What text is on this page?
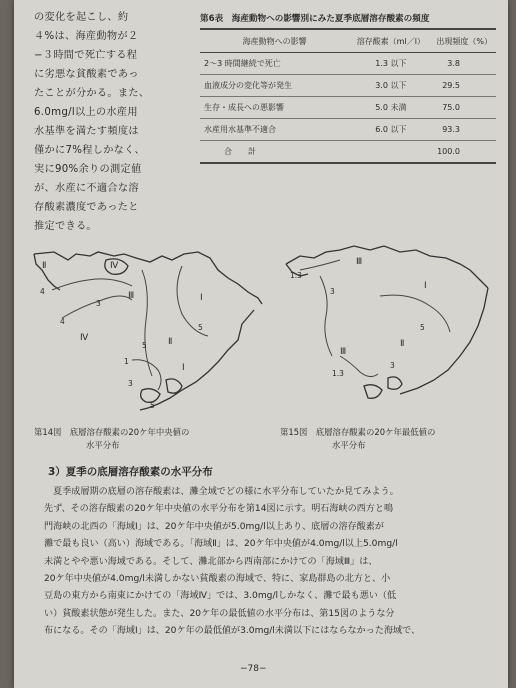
の変化を起こし、約
４%は、海産動物が２
−３時間で死亡する程
に劣悪な貧酸素であっ
たことが分かる。また、
6.0mg/l以上の水産用
水基準を満たす頻度は
僅かに7%程しかなく、
実に90%余りの測定値
が、水産に不適合な溶
存酸素濃度であったと
推定できる。
第6表　海産動物への影響別にみた夏季底層溶存酸素の頻度
海産動物への影響	溶存酸素（ml／l）	出現頻度（%）
2〜3 時間継続で死亡	1.3 以下	3.8
血液成分の変化等が発生	3.0 以下	29.5
生存・成長への悪影響	5.0 未満	75.0
水産用水基準不適合	6.0 以下	93.3
合　　計		100.0
Ⅱ	Ⅳ
Ⅲ	Ⅰ
Ⅳ	Ⅱ
Ⅰ
4
3
4
5
5
1
5
3
第14図　底層溶存酸素の20ケ年中央値の
水平分布
Ⅲ
Ⅰ
Ⅲ
Ⅱ
1.3
3
5
1.3
3
第15図　底層溶存酸素の20ケ年最低値の
水平分布
3）夏季の底層溶存酸素の水平分布
　夏季成層期の底層の溶存酸素は、灘全域でどの様に水平分布していたか見てみよう。
先ず、その溶存酸素の20ケ年中央値の水平分布を第14図に示す。明石海峡の西方と鳴
門海峡の北西の「海域Ⅰ」は、20ケ年中央値が5.0mg/l以上あり、底層の溶存酸素が
灘で最も良い（高い）海域である。「海域Ⅱ」は、20ケ年中央値が4.0mg/l以上5.0mg/l
未満とやや悪い海域である。そして、灘北部から西南部にかけての「海域Ⅲ」は、
20ケ年中央値が4.0mg/l未満しかない貧酸素の海域で、特に、家島群島の北方と、小
豆島の東方から南東にかけての「海域Ⅳ」では、3.0mg/lしかなく、灘で最も悪い（低
い）貧酸素状態が発生した。また、20ケ年の最低値の水平分布は、第15図のような分
布になる。その「海域Ⅰ」は、20ケ年の最低値が3.0mg/l未満以下にはならなかった海域で、
−78−
